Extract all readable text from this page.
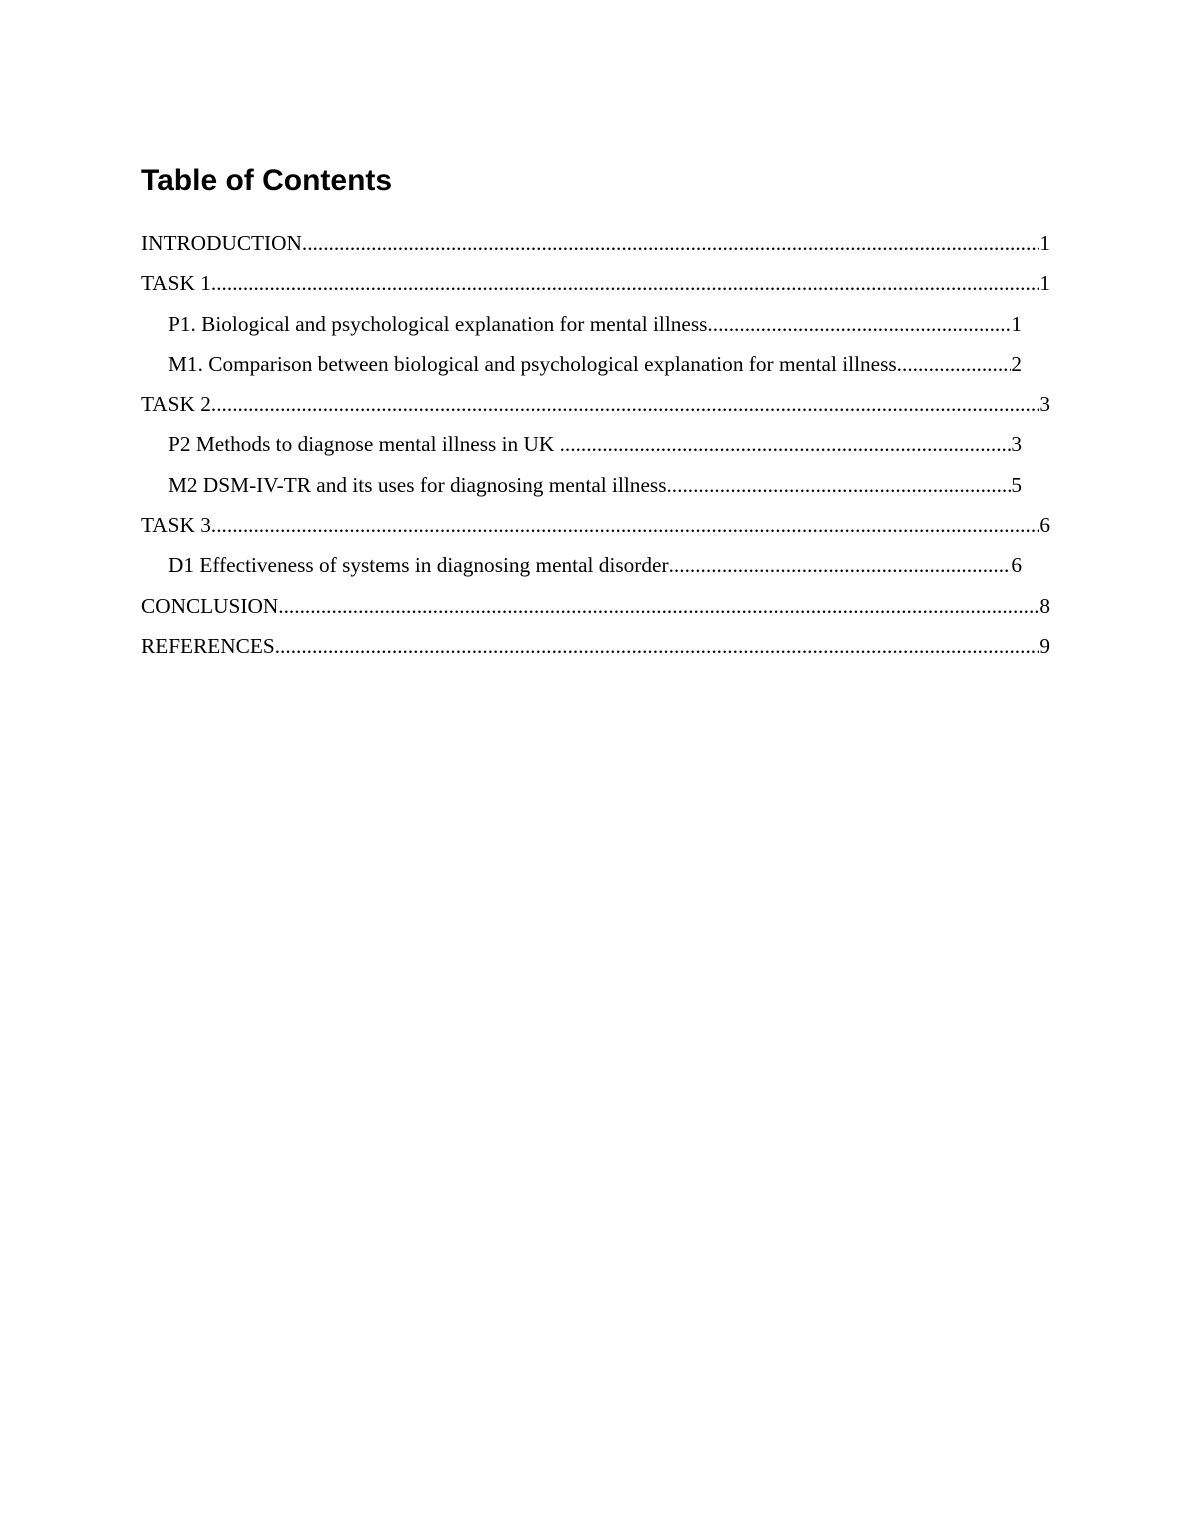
Table of Contents
INTRODUCTION .....	1
TASK 1 .....	1
P1. Biological and psychological explanation for mental illness .....	1
M1. Comparison between biological and psychological explanation for mental illness .....	2
TASK 2 .....	3
P2 Methods to diagnose mental illness in UK .....	3
M2 DSM-IV-TR and its uses for diagnosing mental illness .....	5
TASK 3 .....	6
D1 Effectiveness of systems in diagnosing mental disorder .....	6
CONCLUSION .....	8
REFERENCES .....	9
